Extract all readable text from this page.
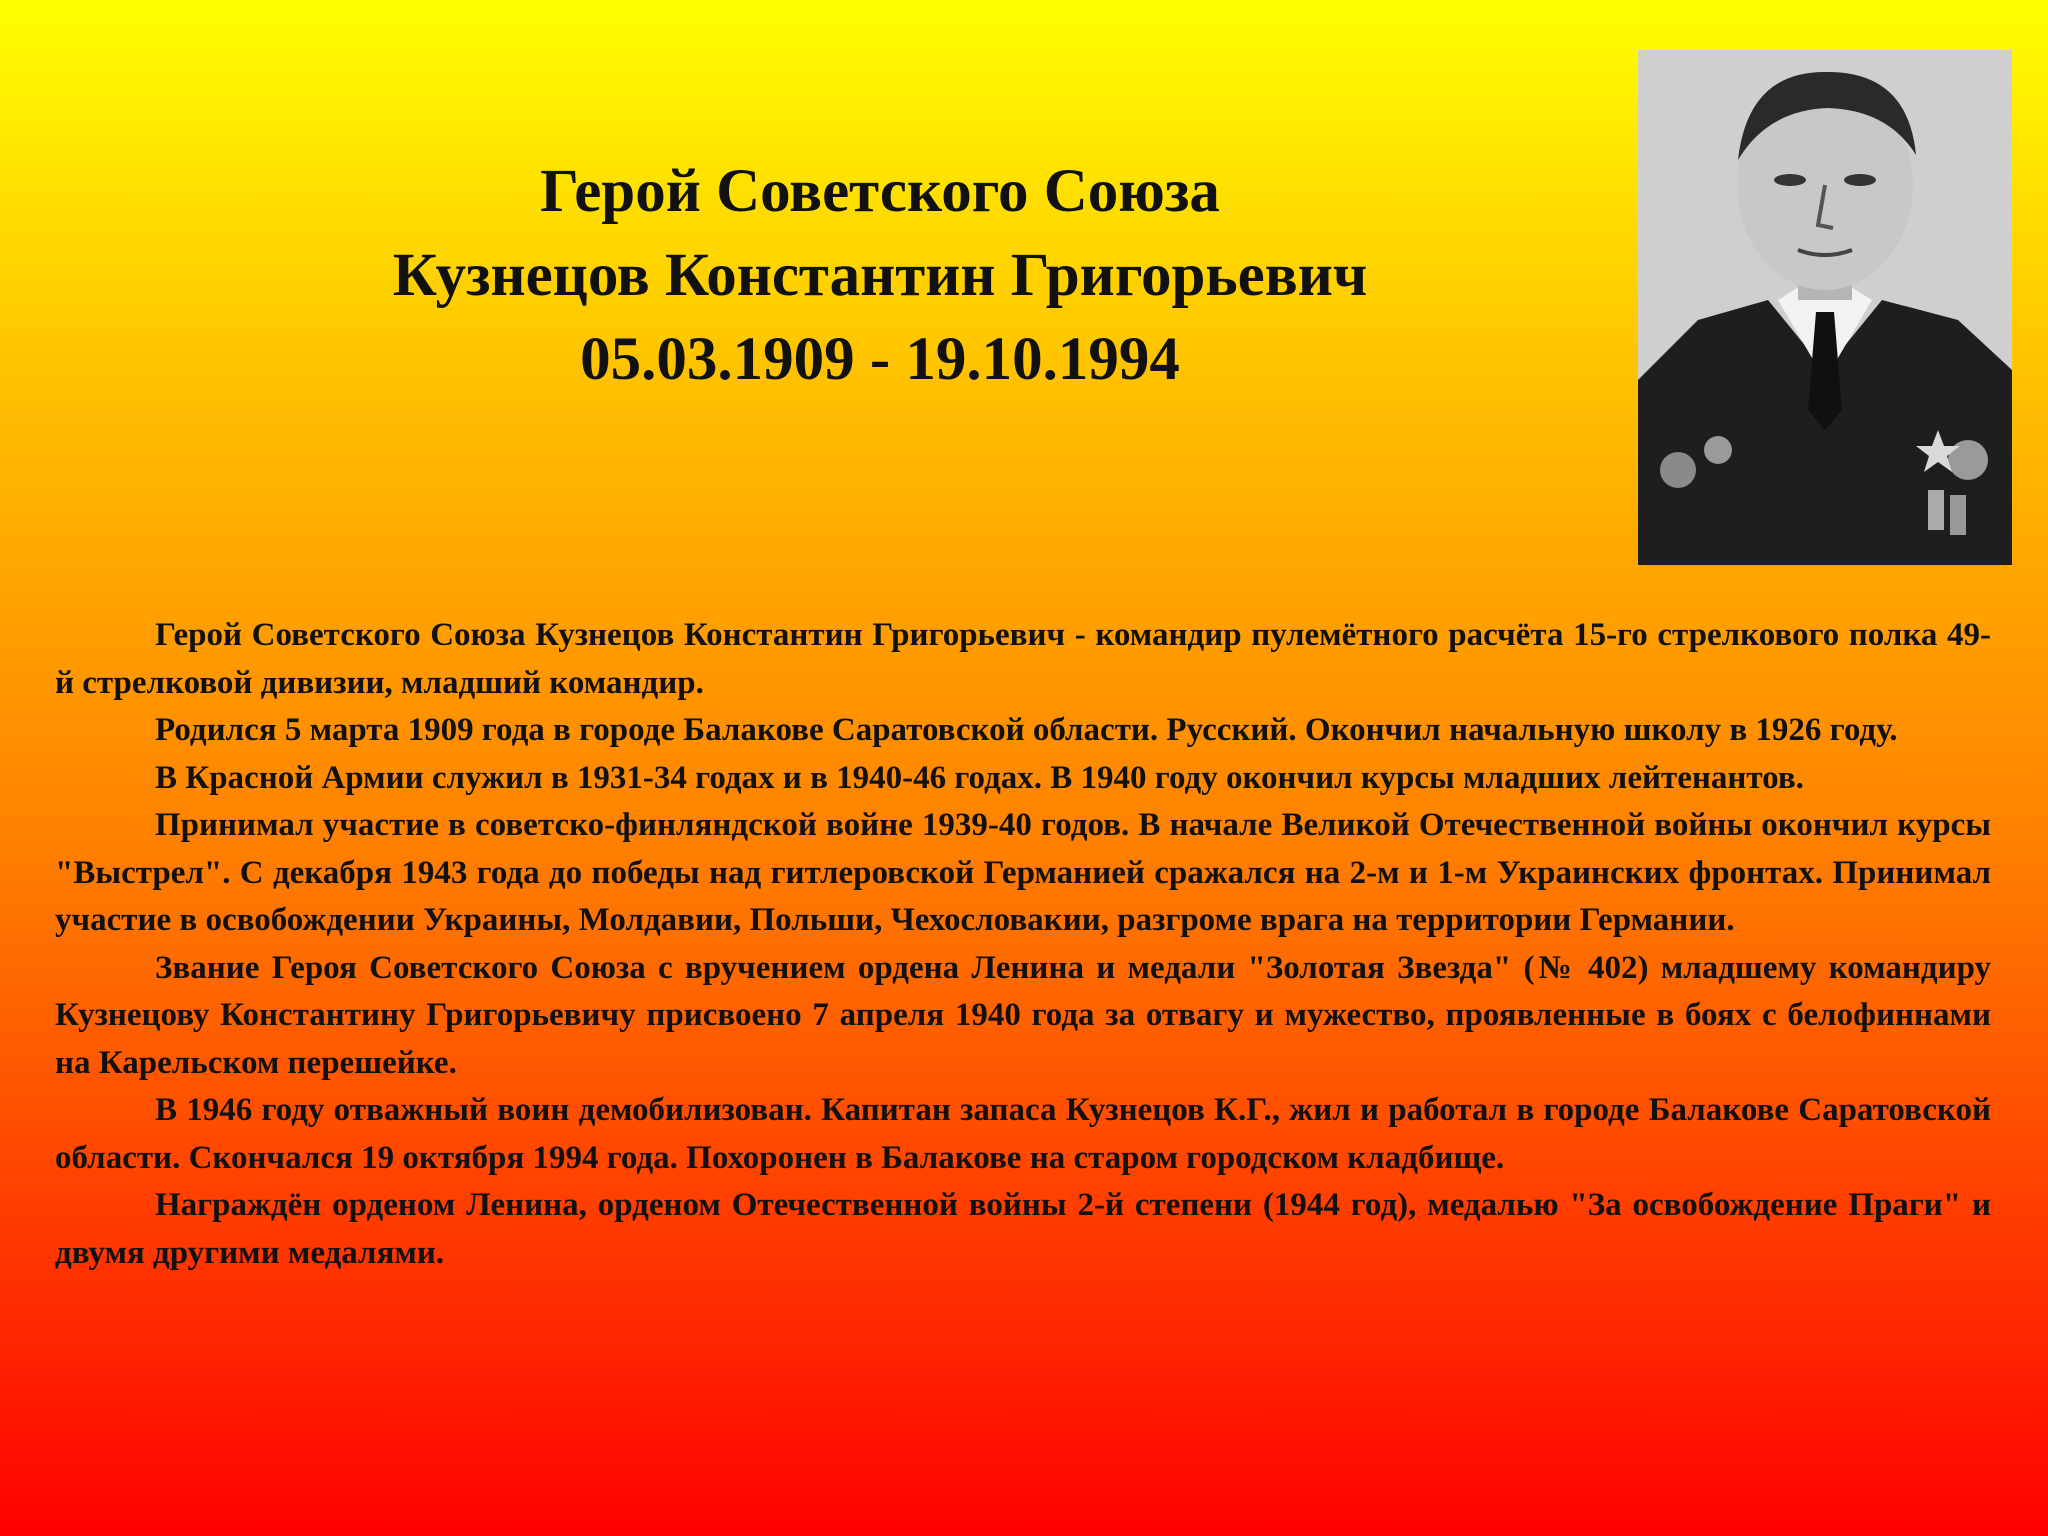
Герой Советского Союза
Кузнецов Константин Григорьевич
05.03.1909 - 19.10.1994

Герой Советского Союза Кузнецов Константин Григорьевич - командир пулемётного расчёта 15-го стрелкового полка 49-й стрелковой дивизии, младший командир.

Родился 5 марта 1909 года в городе Балакове Саратовской области. Русский. Окончил начальную школу в 1926 году.

В Красной Армии служил в 1931-34 годах и в 1940-46 годах. В 1940 году окончил курсы младших лейтенантов.

Принимал участие в советско-финляндской войне 1939-40 годов. В начале Великой Отечественной войны окончил курсы "Выстрел". С декабря 1943 года до победы над гитлеровской Германией сражался на 2-м и 1-м Украинских фронтах. Принимал участие в освобождении Украины, Молдавии, Польши, Чехословакии, разгроме врага на территории Германии.

Звание Героя Советского Союза с вручением ордена Ленина и медали "Золотая Звезда" (№ 402) младшему командиру Кузнецову Константину Григорьевичу присвоено 7 апреля 1940 года за отвагу и мужество, проявленные в боях с белофиннами на Карельском перешейке.

В 1946 году отважный воин демобилизован. Капитан запаса Кузнецов К.Г., жил и работал в городе Балакове Саратовской области. Скончался 19 октября 1994 года. Похоронен в Балакове на старом городском кладбище.

Награждён орденом Ленина, орденом Отечественной войны 2-й степени (1944 год), медалью "За освобождение Праги" и двумя другими медалями.
